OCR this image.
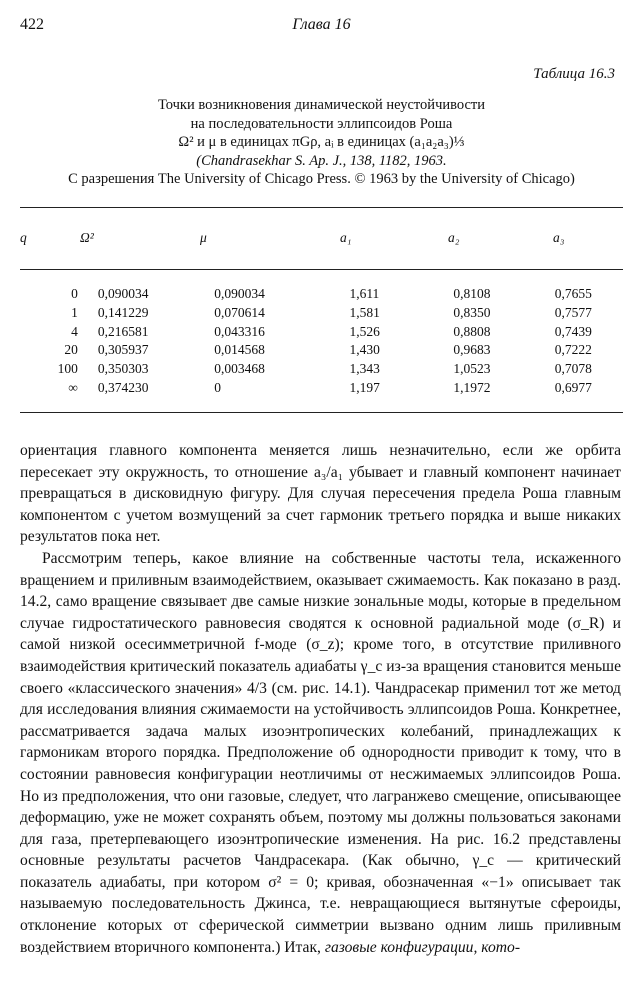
422	Глава 16
Таблица 16.3
Точки возникновения динамической неустойчивости
на последовательности эллипсоидов Роша
Ω² и μ в единицах πGρ, aᵢ в единицах (a₁a₂a₃)⅓
(Chandrasekhar S. Ap. J., 138, 1182, 1963.
С разрешения The University of Chicago Press. © 1963 by the University of Chicago)
q	Ω²	μ	a₁	a₂	a₃
0	0,090034	0,090034	1,611	0,8108	0,7655
1	0,141229	0,070614	1,581	0,8350	0,7577
4	0,216581	0,043316	1,526	0,8808	0,7439
20	0,305937	0,014568	1,430	0,9683	0,7222
100	0,350303	0,003468	1,343	1,0523	0,7078
∞	0,374230	0	1,197	1,1972	0,6977

ориентация главного компонента меняется лишь незначительно, если же орбита пересекает эту окружность, то отношение a₃/a₁ убывает и главный компонент начинает превращаться в дисковидную фигуру. Для случая пересечения предела Роша главным компонентом с учетом возмущений за счет гармоник третьего порядка и выше никаких результатов пока нет.

Рассмотрим теперь, какое влияние на собственные частоты тела, искаженного вращением и приливным взаимодействием, оказывает сжимаемость. Как показано в разд. 14.2, само вращение связывает две самые низкие зональные моды, которые в предельном случае гидростатического равновесия сводятся к основной радиальной моде (σ_R) и самой низкой осесимметричной f-моде (σ_z); кроме того, в отсутствие приливного взаимодействия критический показатель адиабаты γ_c из-за вращения становится меньше своего «классического значения» 4/3 (см. рис. 14.1). Чандрасекар применил тот же метод для исследования влияния сжимаемости на устойчивость эллипсоидов Роша. Конкретнее, рассматривается задача малых изоэнтропических колебаний, принадлежащих к гармоникам второго порядка. Предположение об однородности приводит к тому, что в состоянии равновесия конфигурации неотличимы от несжимаемых эллипсоидов Роша. Но из предположения, что они газовые, следует, что лагранжево смещение, описывающее деформацию, уже не может сохранять объем, поэтому мы должны пользоваться законами для газа, претерпевающего изоэнтропические изменения. На рис. 16.2 представлены основные результаты расчетов Чандрасекара. (Как обычно, γ_c — критический показатель адиабаты, при котором σ² = 0; кривая, обозначенная «−1» описывает так называемую последовательность Джинса, т.е. невращающиеся вытянутые сфероиды, отклонение которых от сферической симметрии вызвано одним лишь приливным воздействием вторичного компонента.) Итак, газовые конфигурации, кото-
